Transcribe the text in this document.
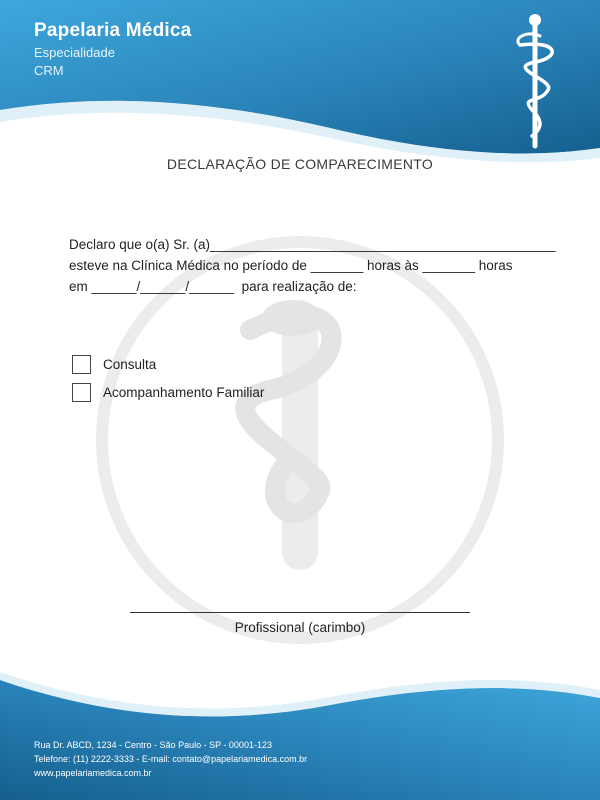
Papelaria Médica
Especialidade
CRM
DECLARAÇÃO DE COMPARECIMENTO
Declaro que o(a) Sr. (a)______________________________________________
esteve na Clínica Médica no período de _______ horas às _______ horas
em ______/______/______  para realização de:
Consulta
Acompanhamento Familiar
Profissional (carimbo)
Rua Dr. ABCD, 1234 - Centro - São Paulo - SP - 00001-123
Telefone: (11) 2222-3333 - E-mail: contato@papelariamedica.com.br
www.papelariamedica.com.br
